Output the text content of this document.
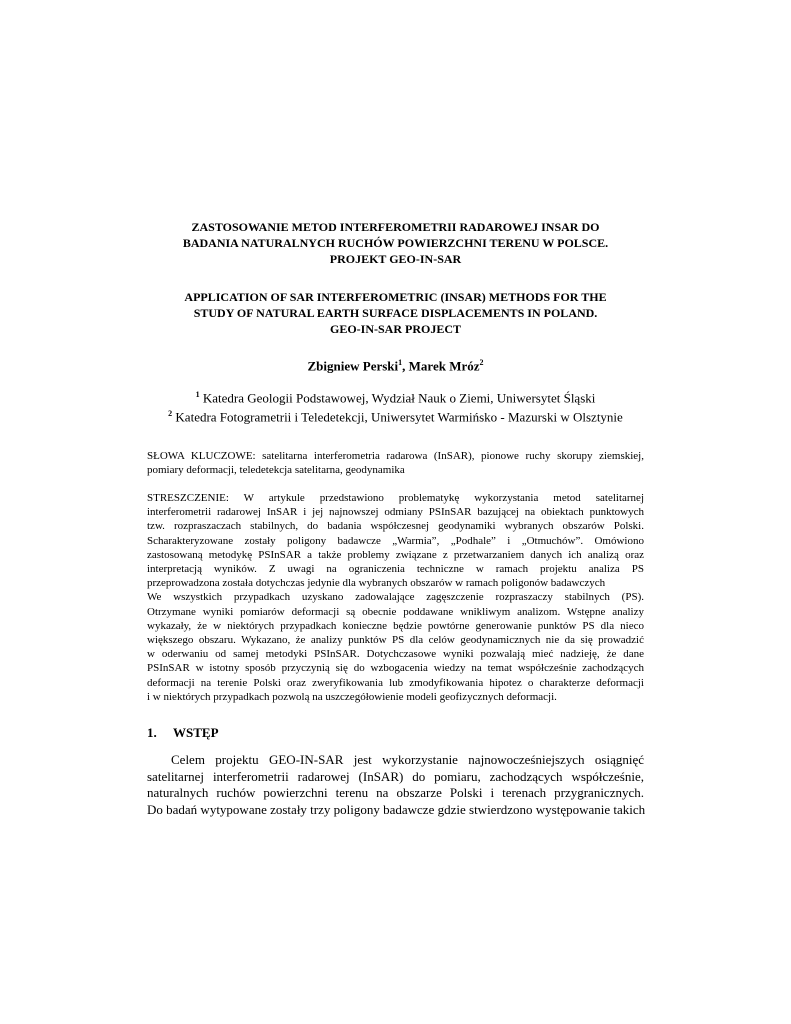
ZASTOSOWANIE METOD INTERFEROMETRII RADAROWEJ INSAR DO
BADANIA NATURALNYCH RUCHÓW POWIERZCHNI TERENU W POLSCE.
PROJEKT GEO-IN-SAR
APPLICATION OF SAR INTERFEROMETRIC (INSAR) METHODS FOR THE
STUDY OF NATURAL EARTH SURFACE DISPLACEMENTS IN POLAND.
GEO-IN-SAR PROJECT
Zbigniew Perski$^1$, Marek Mróz$^2$
$^1$ Katedra Geologii Podstawowej, Wydział Nauk o Ziemi, Uniwersytet Śląski
$^2$ Katedra Fotogrametrii i Teledetekcji, Uniwersytet Warmińsko - Mazurski w Olsztynie
SŁOWA KLUCZOWE: satelitarna interferometria radarowa (InSAR), pionowe ruchy skorupy ziemskiej,
pomiary deformacji, teledetekcja satelitarna, geodynamika
STRESZCZENIE: W artykule przedstawiono problematykę wykorzystania metod satelitarnej
interferometrii radarowej InSAR i jej najnowszej odmiany PSInSAR bazującej na obiektach punktowych
tzw. rozpraszaczach stabilnych, do badania współczesnej geodynamiki wybranych obszarów Polski.
Scharakteryzowane zostały poligony badawcze „Warmia”, „Podhale” i „Otmuchów”. Omówiono
zastosowaną metodykę PSInSAR a także problemy związane z przetwarzaniem danych ich analizą oraz
interpretacją wyników. Z uwagi na ograniczenia techniczne w ramach projektu analiza PS
przeprowadzona została dotychczas jedynie dla wybranych obszarów w ramach poligonów badawczych
We wszystkich przypadkach uzyskano zadowalające zagęszczenie rozpraszaczy stabilnych (PS).
Otrzymane wyniki pomiarów deformacji są obecnie poddawane wnikliwym analizom. Wstępne analizy
wykazały, że w niektórych przypadkach konieczne będzie powtórne generowanie punktów PS dla nieco
większego obszaru. Wykazano, że analizy punktów PS dla celów geodynamicznych nie da się prowadzić
w oderwaniu od samej metodyki PSInSAR. Dotychczasowe wyniki pozwalają mieć nadzieję, że dane
PSInSAR w istotny sposób przyczynią się do wzbogacenia wiedzy na temat współcześnie zachodzących
deformacji na terenie Polski oraz zweryfikowania lub zmodyfikowania hipotez o charakterze deformacji
i w niektórych przypadkach pozwolą na uszczegółowienie modeli geofizycznych deformacji.
1. WSTĘP
Celem projektu GEO-IN-SAR jest wykorzystanie najnowocześniejszych osiągnięć
satelitarnej interferometrii radarowej (InSAR) do pomiaru, zachodzących współcześnie,
naturalnych ruchów powierzchni terenu na obszarze Polski i terenach przygranicznych.
Do badań wytypowane zostały trzy poligony badawcze gdzie stwierdzono występowanie takich
